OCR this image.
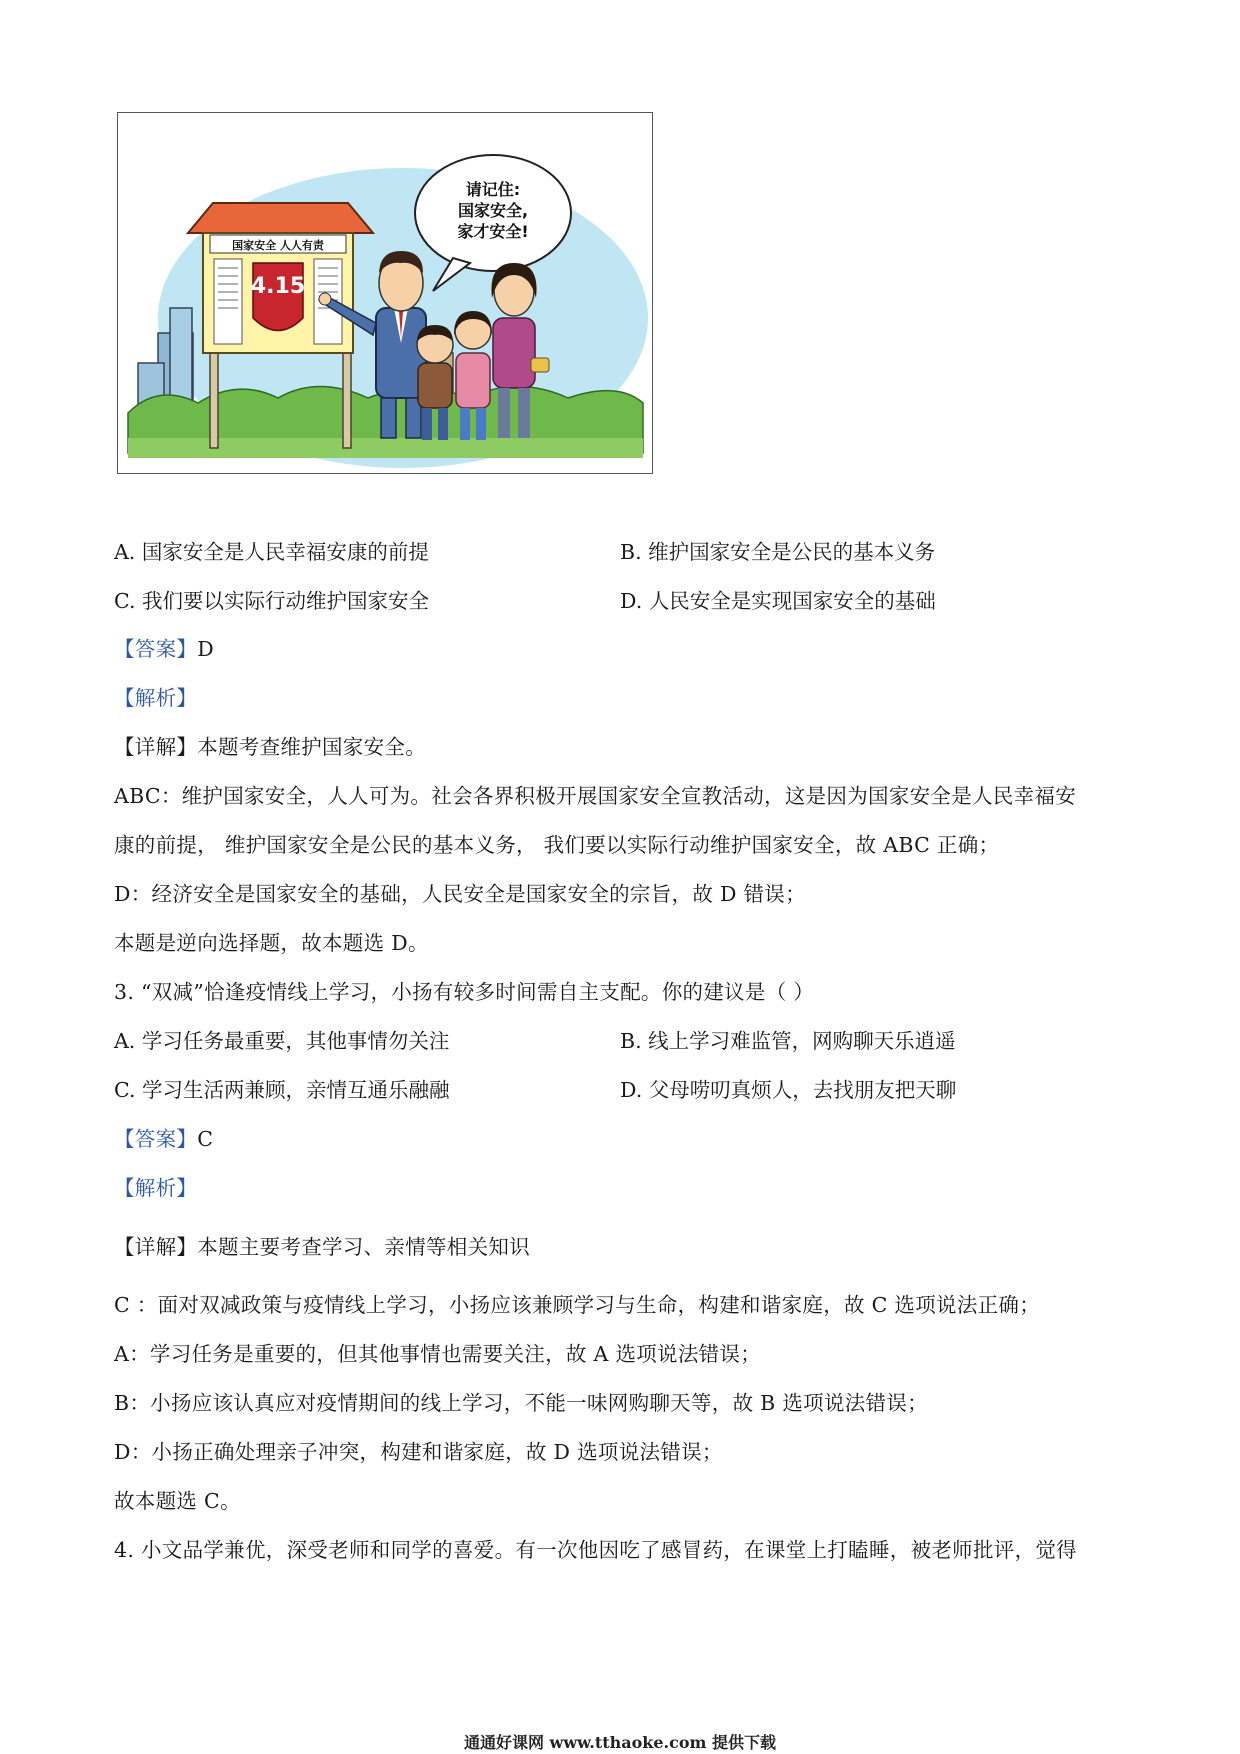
国家安全 人人有责
4.15
请记住:
国家安全,
家才安全!
A. 国家安全是人民幸福安康的前提	B. 维护国家安全是公民的基本义务
C. 我们要以实际行动维护国家安全	D. 人民安全是实现国家安全的基础
【答案】D
【解析】
【详解】本题考查维护国家安全。
ABC：维护国家安全，人人可为。社会各界积极开展国家安全宣教活动，这是因为国家安全是人民幸福安
康的前提， 维护国家安全是公民的基本义务， 我们要以实际行动维护国家安全，故 ABC 正确；
D：经济安全是国家安全的基础，人民安全是国家安全的宗旨，故 D 错误；
本题是逆向选择题，故本题选 D。
3. “双减”恰逢疫情线上学习，小扬有较多时间需自主支配。你的建议是（ ）
A. 学习任务最重要，其他事情勿关注	B. 线上学习难监管，网购聊天乐逍遥
C. 学习生活两兼顾，亲情互通乐融融	D. 父母唠叨真烦人，去找朋友把天聊
【答案】C
【解析】
【详解】本题主要考查学习、亲情等相关知识
C ：面对双减政策与疫情线上学习，小扬应该兼顾学习与生命，构建和谐家庭，故 C 选项说法正确；
A：学习任务是重要的，但其他事情也需要关注，故 A 选项说法错误；
B：小扬应该认真应对疫情期间的线上学习，不能一味网购聊天等，故 B 选项说法错误；
D：小扬正确处理亲子冲突，构建和谐家庭，故 D 选项说法错误；
故本题选 C。
4. 小文品学兼优，深受老师和同学的喜爱。有一次他因吃了感冒药，在课堂上打瞌睡，被老师批评，觉得
通通好课网 www.tthaoke.com 提供下载
